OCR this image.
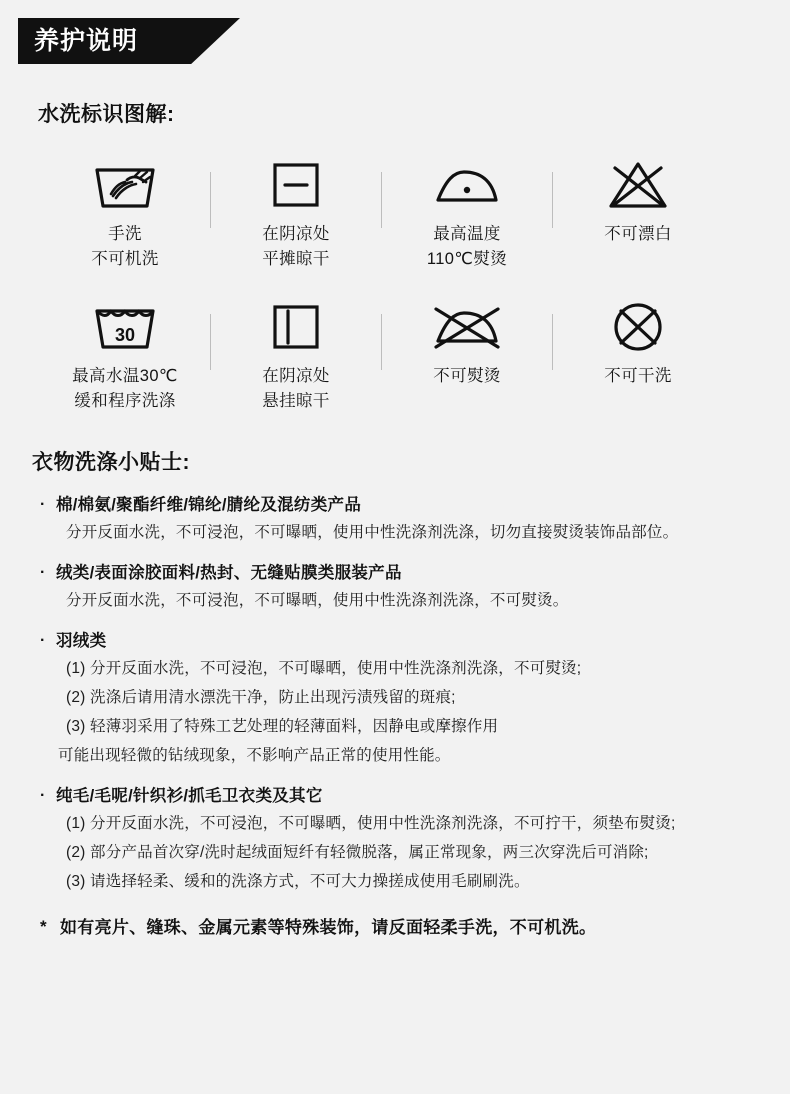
养护说明
水洗标识图解:
手洗
不可机洗
在阴凉处
平摊晾干
最高温度
110℃熨烫
不可漂白
30
最高水温30℃
缓和程序洗涤
在阴凉处
悬挂晾干
不可熨烫	不可干洗
衣物洗涤小贴士:
· 棉/棉氨/聚酯纤维/锦纶/腈纶及混纺类产品
分开反面水洗，不可浸泡，不可曝晒，使用中性洗涤剂洗涤，切勿直接熨烫装饰品部位。
· 绒类/表面涂胶面料/热封、无缝贴膜类服装产品
分开反面水洗，不可浸泡，不可曝晒，使用中性洗涤剂洗涤，不可熨烫。
· 羽绒类
(1) 分开反面水洗，不可浸泡，不可曝晒，使用中性洗涤剂洗涤，不可熨烫;
(2) 洗涤后请用清水漂洗干净，防止出现污渍残留的斑痕;
(3) 轻薄羽采用了特殊工艺处理的轻薄面料，因静电或摩擦作用
可能出现轻微的钻绒现象，不影响产品正常的使用性能。
· 纯毛/毛呢/针织衫/抓毛卫衣类及其它
(1) 分开反面水洗，不可浸泡，不可曝晒，使用中性洗涤剂洗涤，不可拧干，须垫布熨烫;
(2) 部分产品首次穿/洗时起绒面短纤有轻微脱落，属正常现象，两三次穿洗后可消除;
(3) 请选择轻柔、缓和的洗涤方式，不可大力操搓成使用毛刷刷洗。
* 如有亮片、缝珠、金属元素等特殊装饰，请反面轻柔手洗，不可机洗。
